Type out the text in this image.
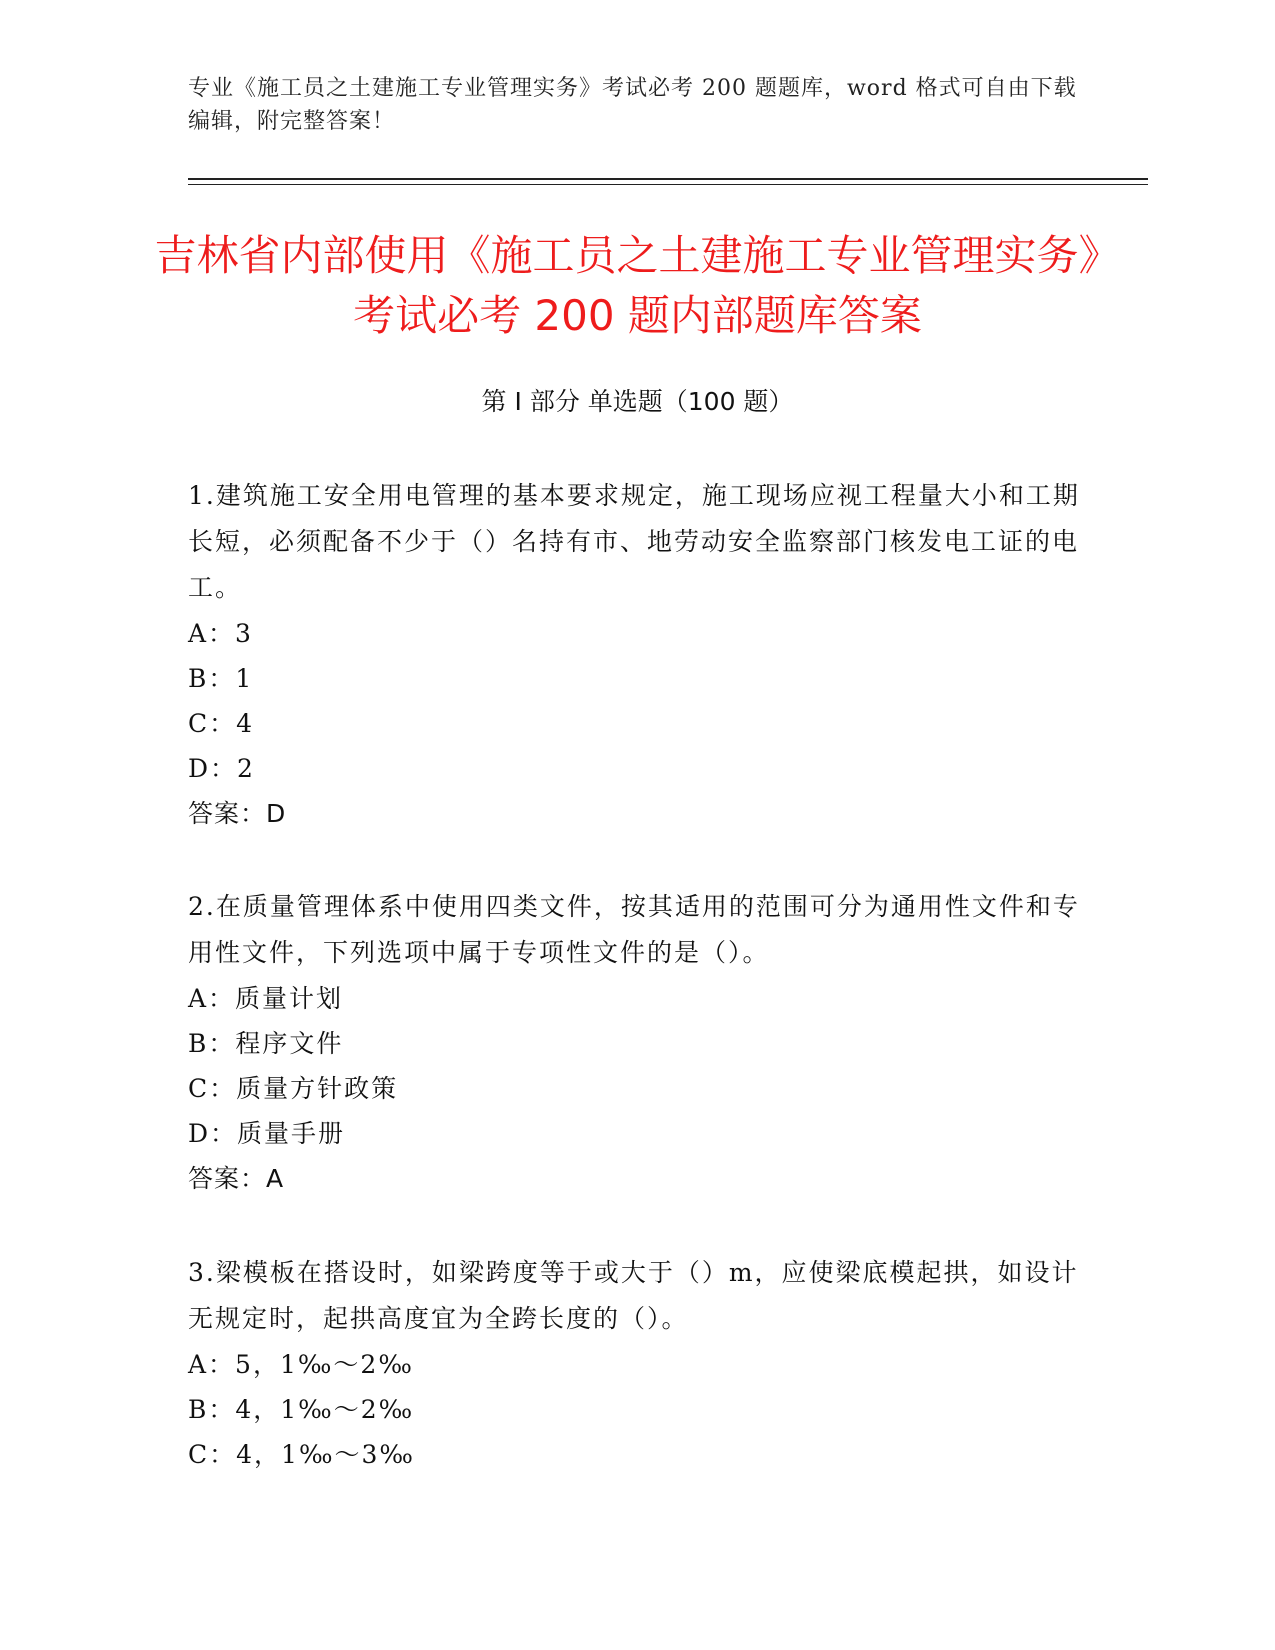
专业《施工员之土建施工专业管理实务》考试必考 200 题题库，word 格式可自由下载编辑，附完整答案！
吉林省内部使用《施工员之土建施工专业管理实务》考试必考 200 题内部题库答案
第 I 部分 单选题（100 题）
1.建筑施工安全用电管理的基本要求规定，施工现场应视工程量大小和工期长短，必须配备不少于（）名持有市、地劳动安全监察部门核发电工证的电工。
A：3
B：1
C：4
D：2
答案：D
2.在质量管理体系中使用四类文件，按其适用的范围可分为通用性文件和专用性文件，下列选项中属于专项性文件的是（）。
A：质量计划
B：程序文件
C：质量方针政策
D：质量手册
答案：A
3.梁模板在搭设时，如梁跨度等于或大于（）m，应使梁底模起拱，如设计无规定时，起拱高度宜为全跨长度的（）。
A：5，1‰～2‰
B：4，1‰～2‰
C：4，1‰～3‰
